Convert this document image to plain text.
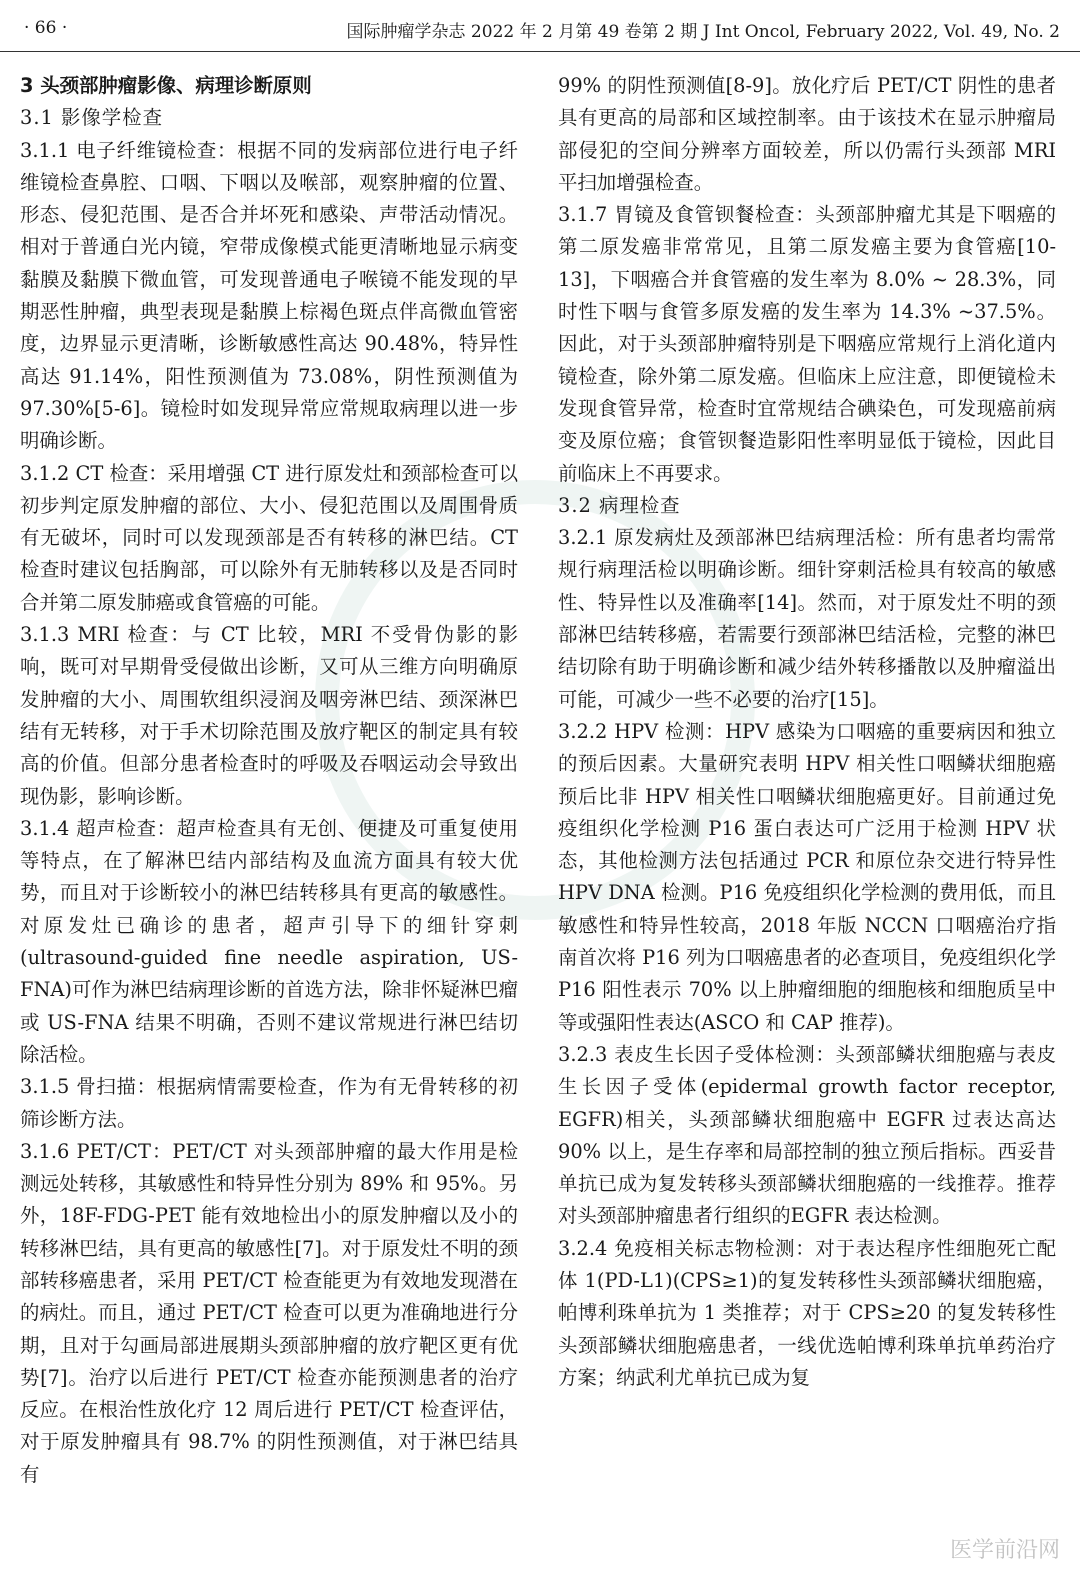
· 66 ·	国际肿瘤学杂志 2022 年 2 月第 49 卷第 2 期 J Int Oncol, February 2022, Vol. 49, No. 2

3 头颈部肿瘤影像、病理诊断原则

3.1 影像学检查

3.1.1 电子纤维镜检查：根据不同的发病部位进行电子纤维镜检查鼻腔、口咽、下咽以及喉部，观察肿瘤的位置、形态、侵犯范围、是否合并坏死和感染、声带活动情况。相对于普通白光内镜，窄带成像模式能更清晰地显示病变黏膜及黏膜下微血管，可发现普通电子喉镜不能发现的早期恶性肿瘤，典型表现是黏膜上棕褐色斑点伴高微血管密度，边界显示更清晰，诊断敏感性高达 90.48%，特异性高达 91.14%，阳性预测值为 73.08%，阴性预测值为 97.30%[5-6]。镜检时如发现异常应常规取病理以进一步明确诊断。

3.1.2 CT 检查：采用增强 CT 进行原发灶和颈部检查可以初步判定原发肿瘤的部位、大小、侵犯范围以及周围骨质有无破坏，同时可以发现颈部是否有转移的淋巴结。CT 检查时建议包括胸部，可以除外有无肺转移以及是否同时合并第二原发肺癌或食管癌的可能。

3.1.3 MRI 检查：与 CT 比较，MRI 不受骨伪影的影响，既可对早期骨受侵做出诊断，又可从三维方向明确原发肿瘤的大小、周围软组织浸润及咽旁淋巴结、颈深淋巴结有无转移，对于手术切除范围及放疗靶区的制定具有较高的价值。但部分患者检查时的呼吸及吞咽运动会导致出现伪影，影响诊断。

3.1.4 超声检查：超声检查具有无创、便捷及可重复使用等特点，在了解淋巴结内部结构及血流方面具有较大优势，而且对于诊断较小的淋巴结转移具有更高的敏感性。对原发灶已确诊的患者，超声引导下的细针穿刺(ultrasound-guided fine needle aspiration, US-FNA)可作为淋巴结病理诊断的首选方法，除非怀疑淋巴瘤或 US-FNA 结果不明确，否则不建议常规进行淋巴结切除活检。

3.1.5 骨扫描：根据病情需要检查，作为有无骨转移的初筛诊断方法。

3.1.6 PET/CT：PET/CT 对头颈部肿瘤的最大作用是检测远处转移，其敏感性和特异性分别为 89% 和 95%。另外，18F-FDG-PET 能有效地检出小的原发肿瘤以及小的转移淋巴结，具有更高的敏感性[7]。对于原发灶不明的颈部转移癌患者，采用 PET/CT 检查能更为有效地发现潜在的病灶。而且，通过 PET/CT 检查可以更为准确地进行分期，且对于勾画局部进展期头颈部肿瘤的放疗靶区更有优势[7]。治疗以后进行 PET/CT 检查亦能预测患者的治疗反应。在根治性放化疗 12 周后进行 PET/CT 检查评估，对于原发肿瘤具有 98.7% 的阴性预测值，对于淋巴结具有

99% 的阴性预测值[8-9]。放化疗后 PET/CT 阴性的患者具有更高的局部和区域控制率。由于该技术在显示肿瘤局部侵犯的空间分辨率方面较差，所以仍需行头颈部 MRI 平扫加增强检查。

3.1.7 胃镜及食管钡餐检查：头颈部肿瘤尤其是下咽癌的第二原发癌非常常见，且第二原发癌主要为食管癌[10-13]，下咽癌合并食管癌的发生率为 8.0% ~ 28.3%，同时性下咽与食管多原发癌的发生率为 14.3% ~37.5%。因此，对于头颈部肿瘤特别是下咽癌应常规行上消化道内镜检查，除外第二原发癌。但临床上应注意，即便镜检未发现食管异常，检查时宜常规结合碘染色，可发现癌前病变及原位癌；食管钡餐造影阳性率明显低于镜检，因此目前临床上不再要求。

3.2 病理检查

3.2.1 原发病灶及颈部淋巴结病理活检：所有患者均需常规行病理活检以明确诊断。细针穿刺活检具有较高的敏感性、特异性以及准确率[14]。然而，对于原发灶不明的颈部淋巴结转移癌，若需要行颈部淋巴结活检，完整的淋巴结切除有助于明确诊断和减少结外转移播散以及肿瘤溢出可能，可减少一些不必要的治疗[15]。

3.2.2 HPV 检测：HPV 感染为口咽癌的重要病因和独立的预后因素。大量研究表明 HPV 相关性口咽鳞状细胞癌预后比非 HPV 相关性口咽鳞状细胞癌更好。目前通过免疫组织化学检测 P16 蛋白表达可广泛用于检测 HPV 状态，其他检测方法包括通过 PCR 和原位杂交进行特异性 HPV DNA 检测。P16 免疫组织化学检测的费用低，而且敏感性和特异性较高，2018 年版 NCCN 口咽癌治疗指南首次将 P16 列为口咽癌患者的必查项目，免疫组织化学 P16 阳性表示 70% 以上肿瘤细胞的细胞核和细胞质呈中等或强阳性表达(ASCO 和 CAP 推荐)。

3.2.3 表皮生长因子受体检测：头颈部鳞状细胞癌与表皮生长因子受体(epidermal growth factor receptor, EGFR)相关，头颈部鳞状细胞癌中 EGFR 过表达高达 90% 以上，是生存率和局部控制的独立预后指标。西妥昔单抗已成为复发转移头颈部鳞状细胞癌的一线推荐。推荐对头颈部肿瘤患者行组织的EGFR 表达检测。

3.2.4 免疫相关标志物检测：对于表达程序性细胞死亡配体 1(PD-L1)(CPS≥1)的复发转移性头颈部鳞状细胞癌，帕博利珠单抗为 1 类推荐；对于 CPS≥20 的复发转移性头颈部鳞状细胞癌患者，一线优选帕博利珠单抗单药治疗方案；纳武利尤单抗已成为复

医学前沿网
